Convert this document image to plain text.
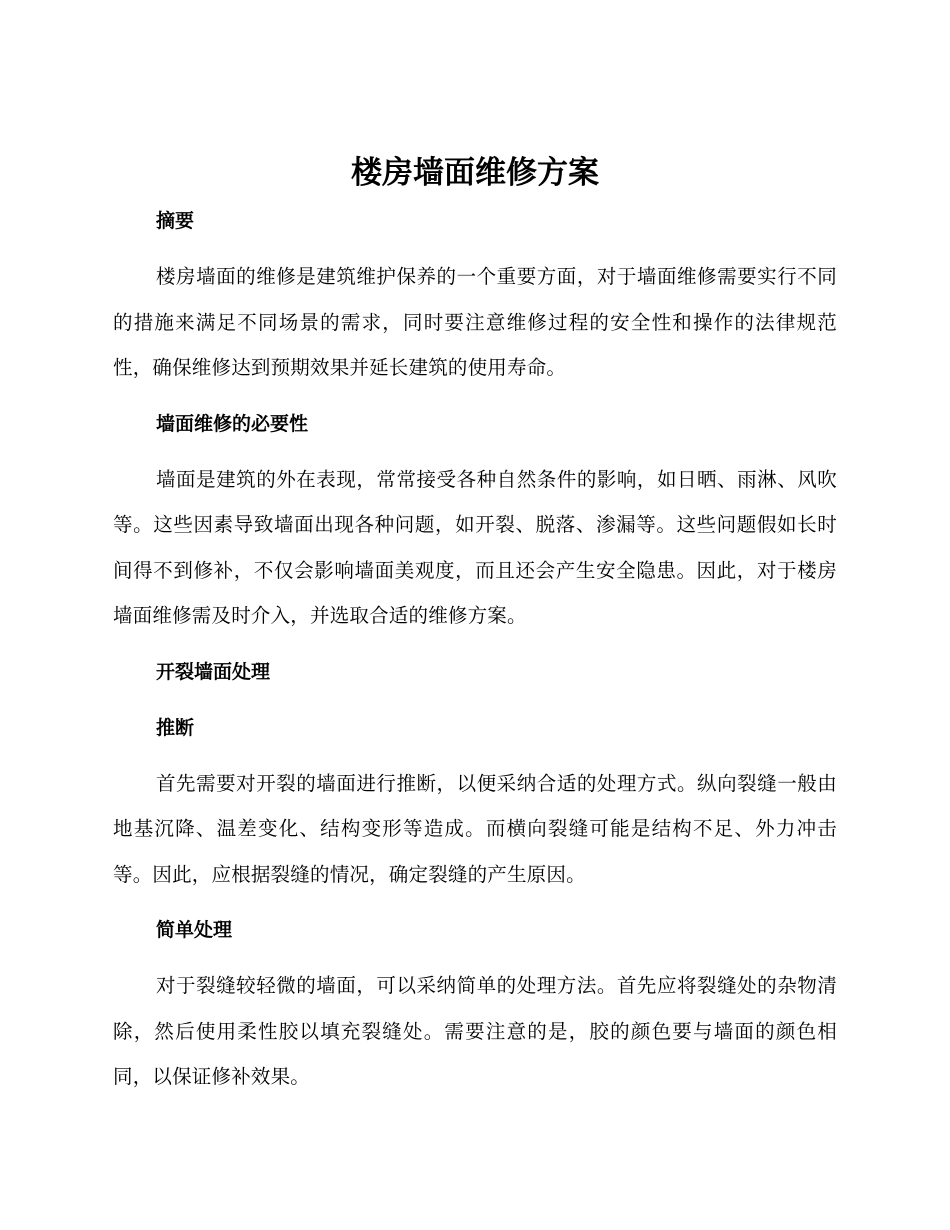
楼房墙面维修方案
摘要

楼房墙面的维修是建筑维护保养的一个重要方面，对于墙面维修需要实行不同的措施来满足不同场景的需求，同时要注意维修过程的安全性和操作的法律规范性，确保维修达到预期效果并延长建筑的使用寿命。

墙面维修的必要性

墙面是建筑的外在表现，常常接受各种自然条件的影响，如日晒、雨淋、风吹等。这些因素导致墙面出现各种问题，如开裂、脱落、渗漏等。这些问题假如长时间得不到修补，不仅会影响墙面美观度，而且还会产生安全隐患。因此，对于楼房墙面维修需及时介入，并选取合适的维修方案。

开裂墙面处理
推断

首先需要对开裂的墙面进行推断，以便采纳合适的处理方式。纵向裂缝一般由地基沉降、温差变化、结构变形等造成。而横向裂缝可能是结构不足、外力冲击等。因此，应根据裂缝的情况，确定裂缝的产生原因。

简单处理

对于裂缝较轻微的墙面，可以采纳简单的处理方法。首先应将裂缝处的杂物清除，然后使用柔性胶以填充裂缝处。需要注意的是，胶的颜色要与墙面的颜色相同，以保证修补效果。
